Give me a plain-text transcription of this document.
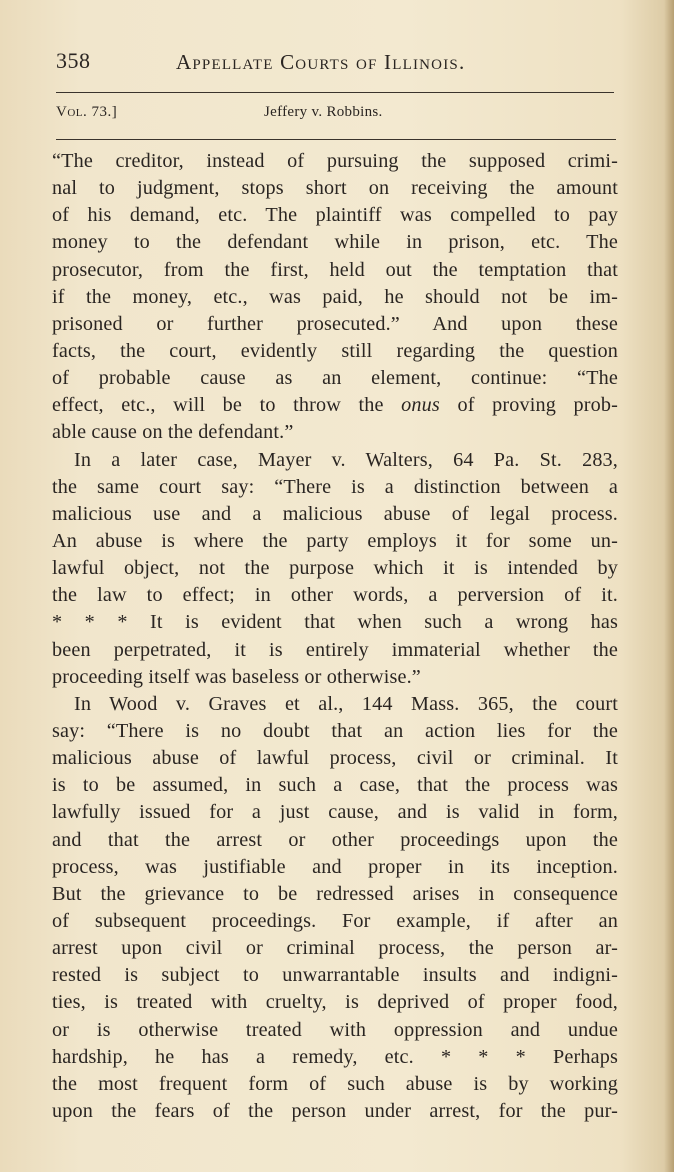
358	Appellate Courts of Illinois.
Vol. 73.]	Jeffery v. Robbins.
“The creditor, instead of pursuing the supposed crimi-
nal to judgment, stops short on receiving the amount
of his demand, etc. The plaintiff was compelled to pay
money to the defendant while in prison, etc. The
prosecutor, from the first, held out the temptation that
if the money, etc., was paid, he should not be im-
prisoned or further prosecuted.” And upon these
facts, the court, evidently still regarding the question
of probable cause as an element, continue: “The
effect, etc., will be to throw the onus of proving prob-
able cause on the defendant.”
In a later case, Mayer v. Walters, 64 Pa. St. 283,
the same court say: “There is a distinction between a
malicious use and a malicious abuse of legal process.
An abuse is where the party employs it for some un-
lawful object, not the purpose which it is intended by
the law to effect; in other words, a perversion of it.
* * * It is evident that when such a wrong has
been perpetrated, it is entirely immaterial whether the
proceeding itself was baseless or otherwise.”
In Wood v. Graves et al., 144 Mass. 365, the court
say: “There is no doubt that an action lies for the
malicious abuse of lawful process, civil or criminal. It
is to be assumed, in such a case, that the process was
lawfully issued for a just cause, and is valid in form,
and that the arrest or other proceedings upon the
process, was justifiable and proper in its inception.
But the grievance to be redressed arises in consequence
of subsequent proceedings. For example, if after an
arrest upon civil or criminal process, the person ar-
rested is subject to unwarrantable insults and indigni-
ties, is treated with cruelty, is deprived of proper food,
or is otherwise treated with oppression and undue
hardship, he has a remedy, etc. * * * Perhaps
the most frequent form of such abuse is by working
upon the fears of the person under arrest, for the pur-
